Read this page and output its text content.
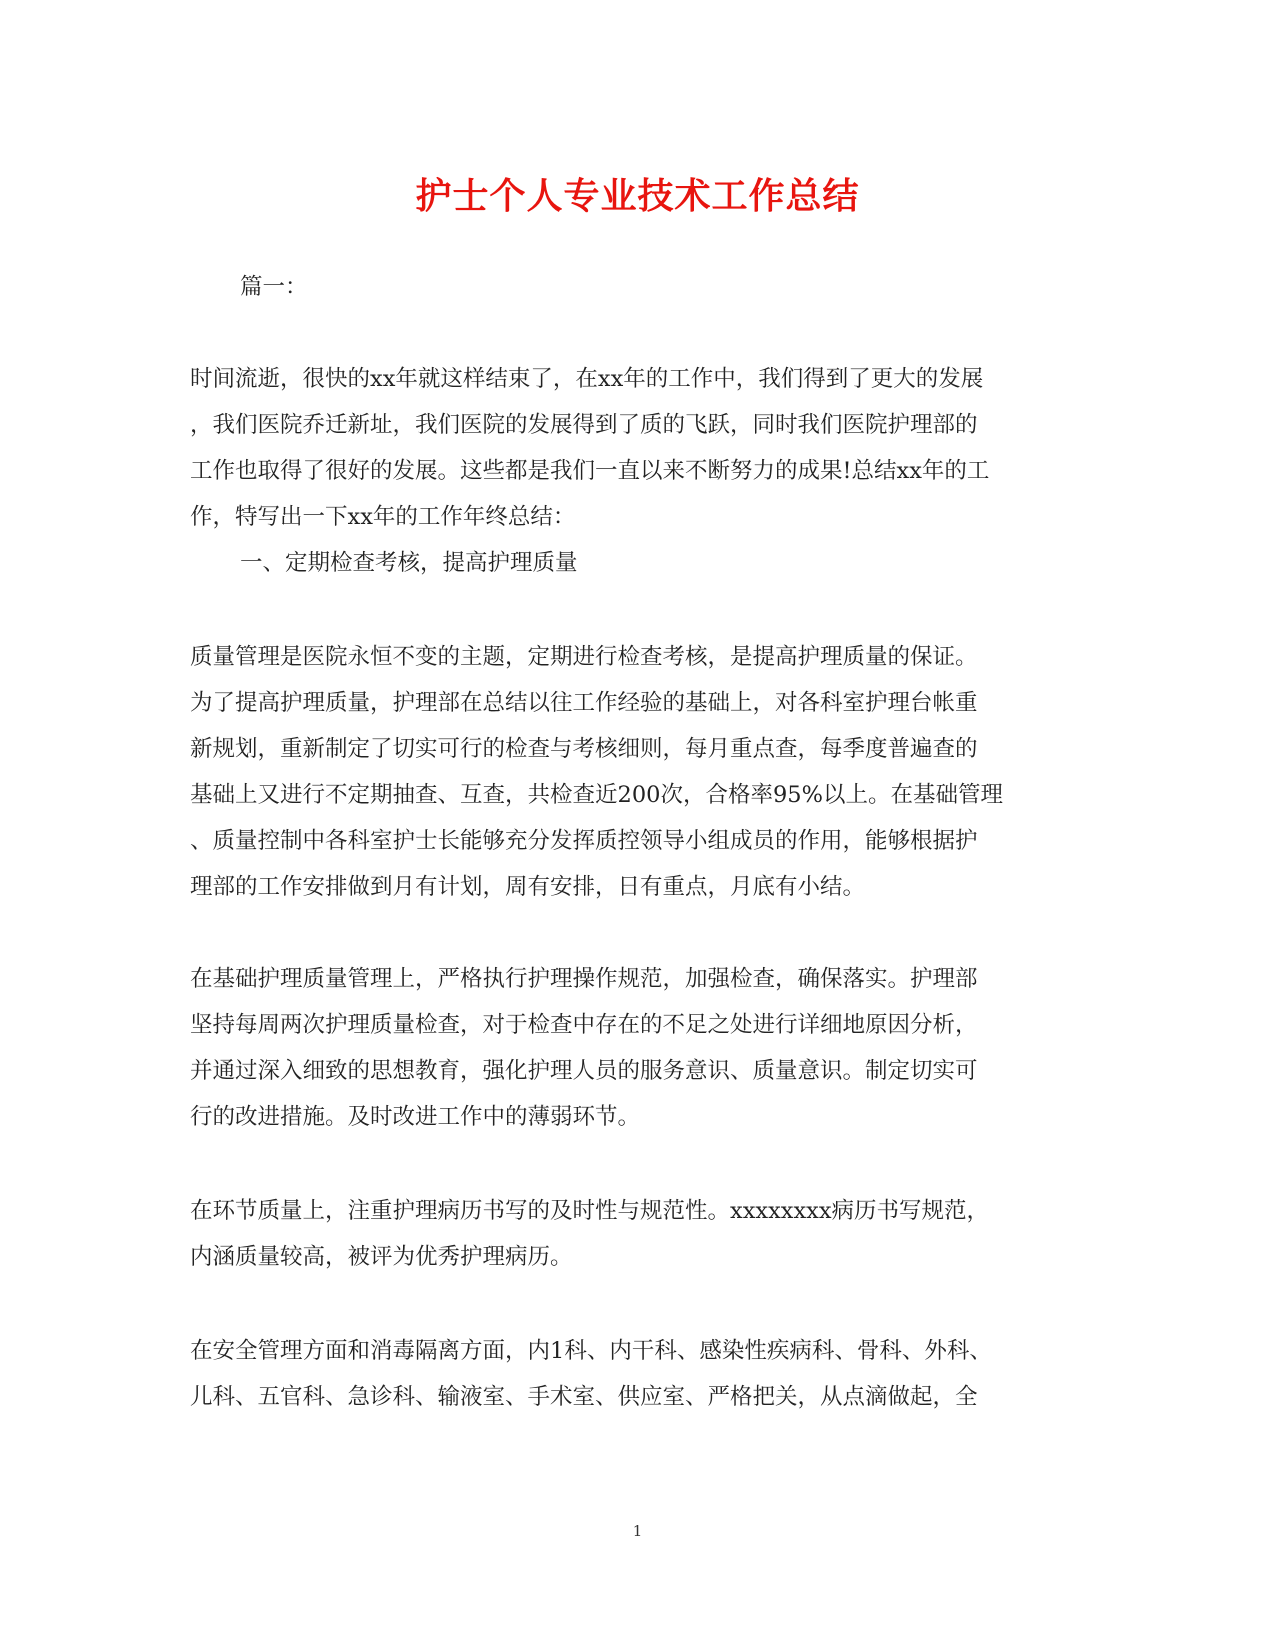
护士个人专业技术工作总结
篇一：
时间流逝，很快的xx年就这样结束了，在xx年的工作中，我们得到了更大的发展
，我们医院乔迁新址，我们医院的发展得到了质的飞跃，同时我们医院护理部的
工作也取得了很好的发展。这些都是我们一直以来不断努力的成果!总结xx年的工
作，特写出一下xx年的工作年终总结：
一、定期检查考核，提高护理质量
质量管理是医院永恒不变的主题，定期进行检查考核，是提高护理质量的保证。
为了提高护理质量，护理部在总结以往工作经验的基础上，对各科室护理台帐重
新规划，重新制定了切实可行的检查与考核细则，每月重点查，每季度普遍查的
基础上又进行不定期抽查、互查，共检查近200次，合格率95%以上。在基础管理
、质量控制中各科室护士长能够充分发挥质控领导小组成员的作用，能够根据护
理部的工作安排做到月有计划，周有安排，日有重点，月底有小结。
在基础护理质量管理上，严格执行护理操作规范，加强检查，确保落实。护理部
坚持每周两次护理质量检查，对于检查中存在的不足之处进行详细地原因分析，
并通过深入细致的思想教育，强化护理人员的服务意识、质量意识。制定切实可
行的改进措施。及时改进工作中的薄弱环节。
在环节质量上，注重护理病历书写的及时性与规范性。xxxxxxxx病历书写规范，
内涵质量较高，被评为优秀护理病历。
在安全管理方面和消毒隔离方面，内1科、内干科、感染性疾病科、骨科、外科、
儿科、五官科、急诊科、输液室、手术室、供应室、严格把关，从点滴做起，全
1
